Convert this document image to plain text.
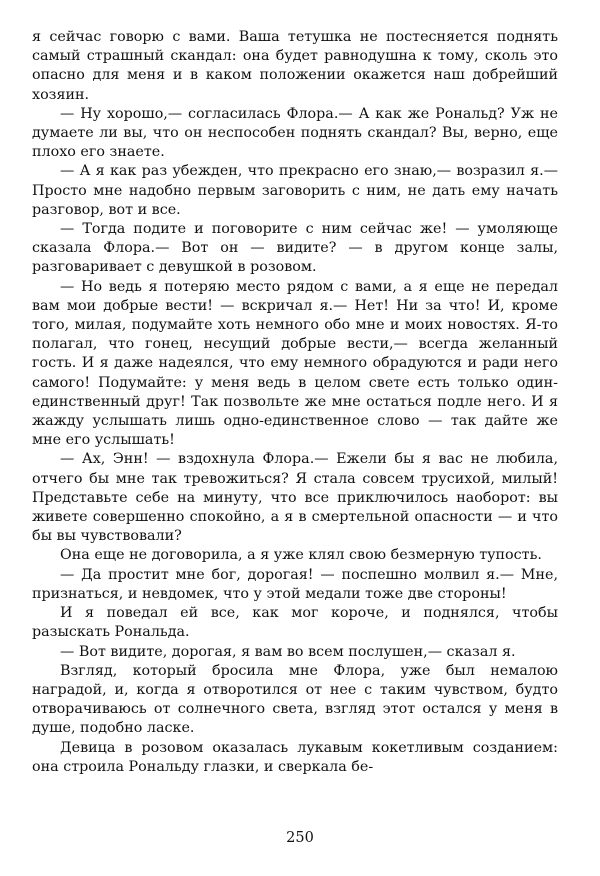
я сейчас говорю с вами. Ваша тетушка не постесняется поднять самый страшный скандал: она будет равнодушна к тому, сколь это опасно для меня и в каком положении окажется наш добрейший хозяин.

— Ну хорошо,— согласилась Флора.— А как же Рональд? Уж не думаете ли вы, что он неспособен поднять скандал? Вы, верно, еще плохо его знаете.

— А я как раз убежден, что прекрасно его знаю,— возразил я.— Просто мне надобно первым заговорить с ним, не дать ему начать разговор, вот и все.

— Тогда подите и поговорите с ним сейчас же! — умоляюще сказала Флора.— Вот он — видите? — в другом конце залы, разговаривает с девушкой в розовом.

— Но ведь я потеряю место рядом с вами, а я еще не передал вам мои добрые вести! — вскричал я.— Нет! Ни за что! И, кроме того, милая, подумайте хоть немного обо мне и моих новостях. Я-то полагал, что гонец, несущий добрые вести,— всегда желанный гость. И я даже надеялся, что ему немного обрадуются и ради него самого! Подумайте: у меня ведь в целом свете есть только один-единственный друг! Так позвольте же мне остаться подле него. И я жажду услышать лишь одно-единственное слово — так дайте же мне его услышать!

— Ах, Энн! — вздохнула Флора.— Ежели бы я вас не любила, отчего бы мне так тревожиться? Я стала совсем трусихой, милый! Представьте себе на минуту, что все приключилось наоборот: вы живете совершенно спокойно, а я в смертельной опасности — и что бы вы чувствовали?

Она еще не договорила, а я уже клял свою безмерную тупость.

— Да простит мне бог, дорогая! — поспешно молвил я.— Мне, признаться, и невдомек, что у этой медали тоже две стороны!

И я поведал ей все, как мог короче, и поднялся, чтобы разыскать Рональда.

— Вот видите, дорогая, я вам во всем послушен,— сказал я.

Взгляд, который бросила мне Флора, уже был немалою наградой, и, когда я отворотился от нее с таким чувством, будто отворачиваюсь от солнечного света, взгляд этот остался у меня в душе, подобно ласке.

Девица в розовом оказалась лукавым кокетливым созданием: она строила Рональду глазки, и сверкала бе-

250
